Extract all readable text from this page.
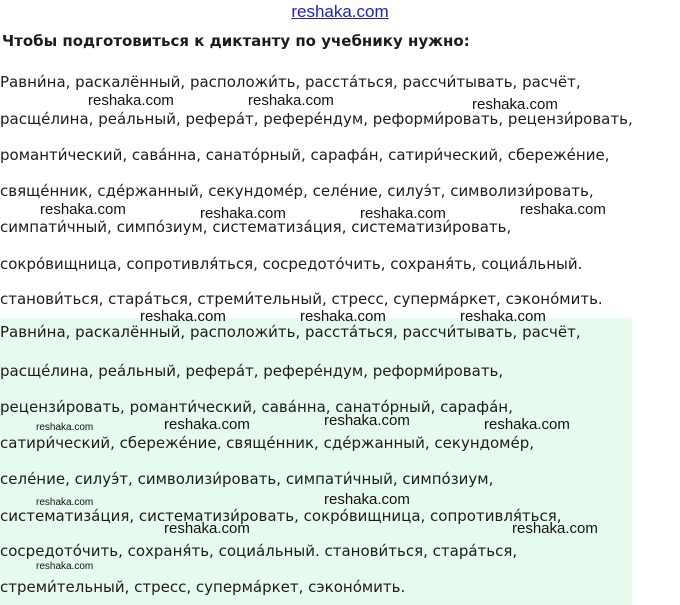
reshaka.com
Чтобы подготовиться к диктанту по учебнику нужно:
Равни́на, раскалённый, расположи́ть, расста́ться, рассчи́тывать, расчёт,
расще́лина, реа́льный, рефера́т, рефере́ндум, реформи́ровать, рецензи́ровать,
романти́ческий, сава́нна, санато́рный, сарафа́н, сатири́ческий, сбереже́ние,
свяще́нник, сде́ржанный, секундоме́р, селе́ние, силуэ́т, символизи́ровать,
симпати́чный, симпо́зиум, систематиза́ция, систематизи́ровать,
сокро́вищница, сопротивля́ться, сосредото́чить, сохраня́ть, социа́льный.
станови́ться, стара́ться, стреми́тельный, стресс, суперма́ркет, сэконо́мить.
Равни́на, раскалённый, расположи́ть, расста́ться, рассчи́тывать, расчёт,
расще́лина, реа́льный, рефера́т, рефере́ндум, реформи́ровать,
рецензи́ровать, романти́ческий, сава́нна, санато́рный, сарафа́н,
сатири́ческий, сбереже́ние, свяще́нник, сде́ржанный, секундоме́р,
селе́ние, силуэ́т, символизи́ровать, симпати́чный, симпо́зиум,
систематиза́ция, систематизи́ровать, сокро́вищница, сопротивля́ться,
сосредото́чить, сохраня́ть, социа́льный. станови́ться, стара́ться,
стреми́тельный, стресс, суперма́ркет, сэконо́мить.
reshaka.com	reshaka.com	reshaka.com
reshaka.com	reshaka.com	reshaka.com	reshaka.com
reshaka.com	reshaka.com	reshaka.com
reshaka.com	reshaka.com	reshaka.com	reshaka.com
reshaka.com	reshaka.com
reshaka.com	reshaka.com
reshaka.com
